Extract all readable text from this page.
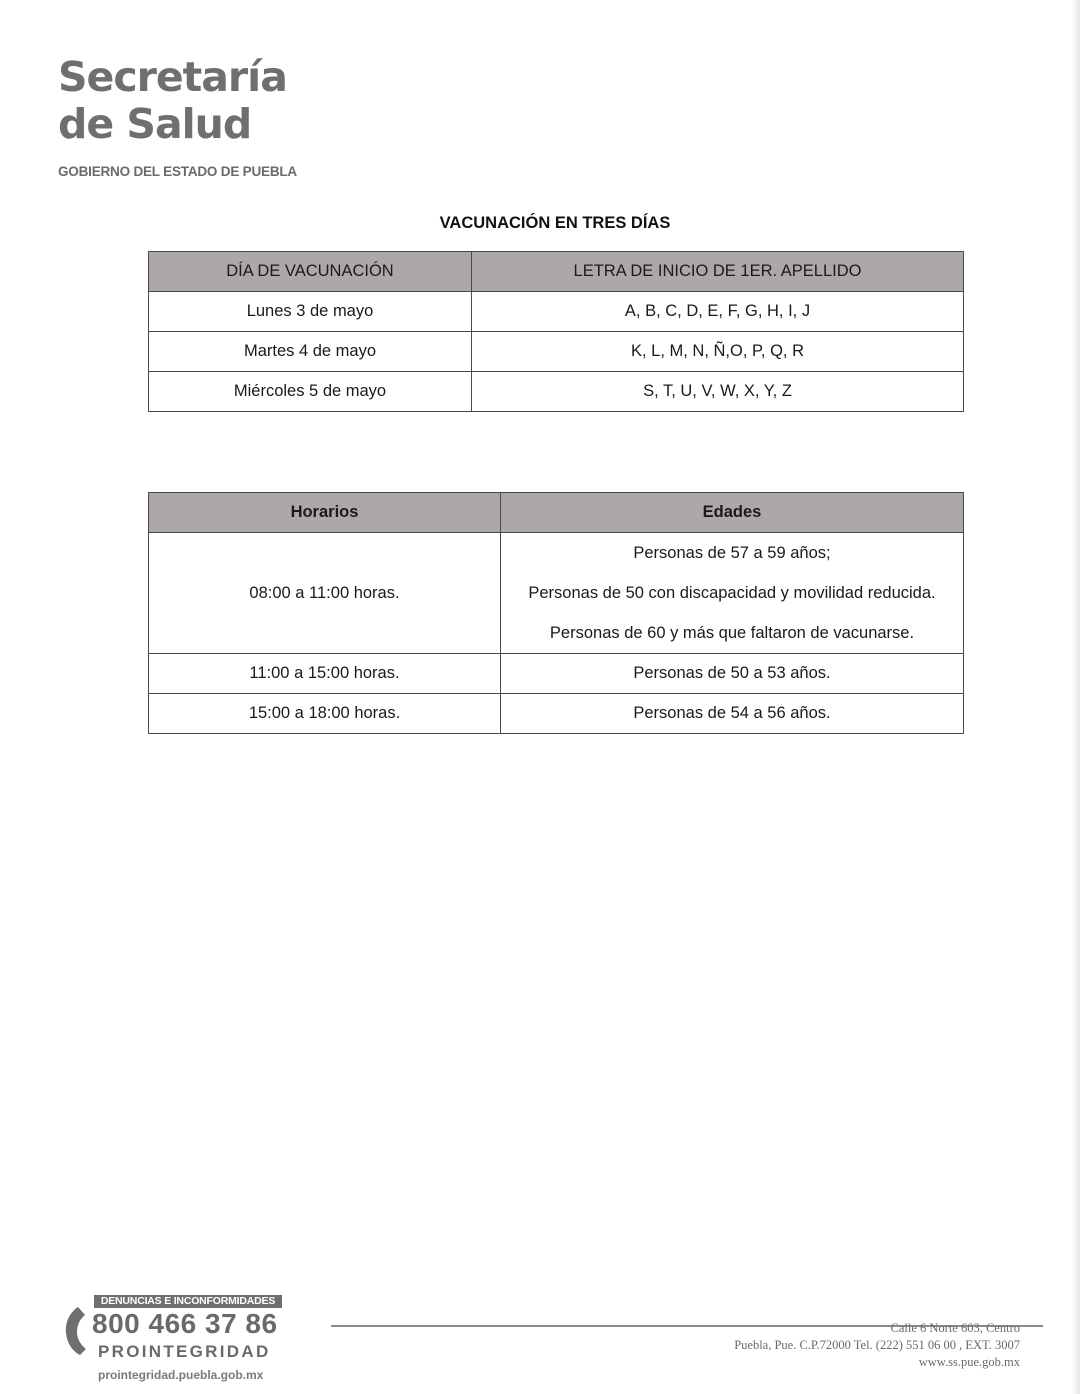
Secretaría
de Salud
GOBIERNO DEL ESTADO DE PUEBLA
VACUNACIÓN EN TRES DÍAS
DÍA DE VACUNACIÓN	LETRA DE INICIO DE 1ER. APELLIDO
Lunes 3 de mayo	A, B, C, D, E, F, G, H, I, J
Martes 4 de mayo	K, L, M, N, Ñ,O, P, Q, R
Miércoles 5 de mayo	S, T, U, V, W, X, Y, Z
Horarios	Edades
08:00 a 11:00 horas.	Personas de 57 a 59 años;
Personas de 50 con discapacidad y movilidad reducida.
Personas de 60 y más que faltaron de vacunarse.

11:00 a 15:00 horas.	Personas de 50 a 53 años.
15:00 a 18:00 horas.	Personas de 54 a 56 años.
DENUNCIAS E INCONFORMIDADES
800 466 37 86
PROINTEGRIDAD
prointegridad.puebla.gob.mx
Calle 6 Norte 603, Centro
Puebla, Pue. C.P.72000 Tel. (222) 551 06 00 , EXT. 3007
www.ss.pue.gob.mx
